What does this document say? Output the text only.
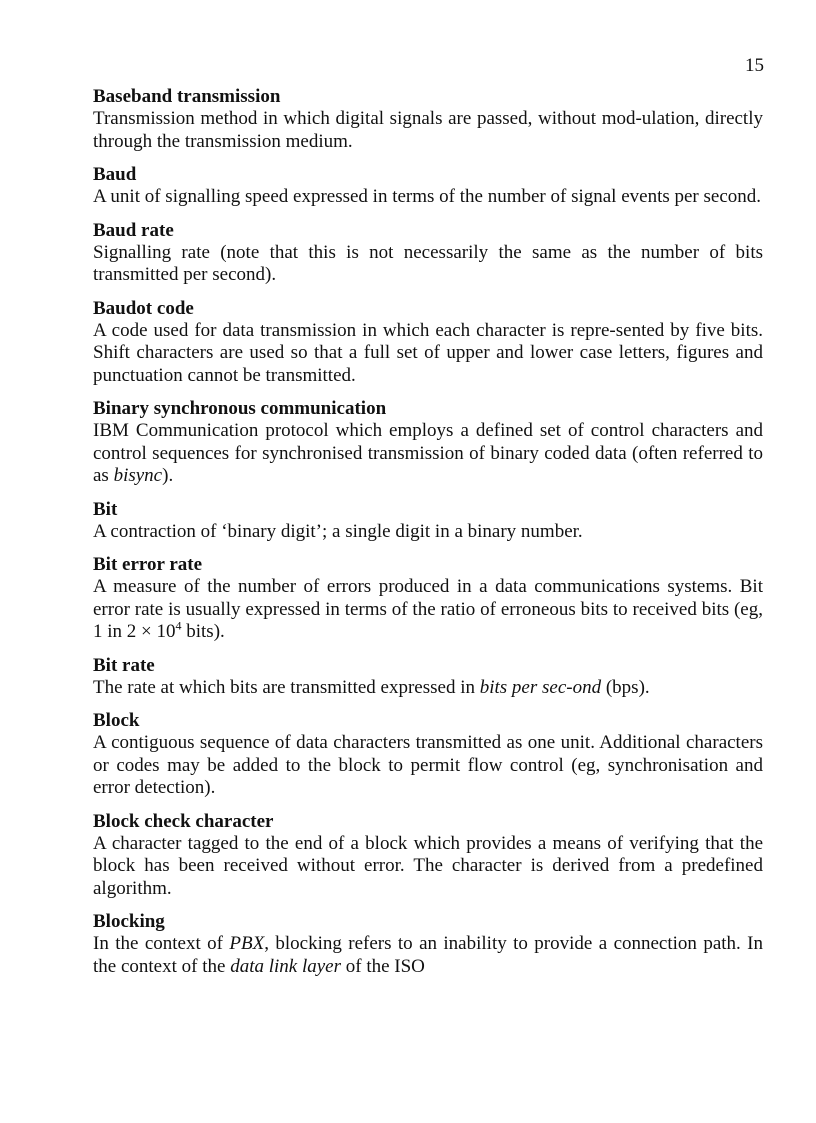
15
Baseband transmission
Transmission method in which digital signals are passed, without mod-ulation, directly through the transmission medium.
Baud
A unit of signalling speed expressed in terms of the number of signal events per second.
Baud rate
Signalling rate (note that this is not necessarily the same as the number of bits transmitted per second).
Baudot code
A code used for data transmission in which each character is repre-sented by five bits. Shift characters are used so that a full set of upper and lower case letters, figures and punctuation cannot be transmitted.
Binary synchronous communication
IBM Communication protocol which employs a defined set of control characters and control sequences for synchronised transmission of binary coded data (often referred to as bisync).
Bit
A contraction of ‘binary digit’; a single digit in a binary number.
Bit error rate
A measure of the number of errors produced in a data communications systems. Bit error rate is usually expressed in terms of the ratio of erroneous bits to received bits (eg, 1 in $2 \times 10^4$ bits).
Bit rate
The rate at which bits are transmitted expressed in bits per sec-ond (bps).
Block
A contiguous sequence of data characters transmitted as one unit. Additional characters or codes may be added to the block to permit flow control (eg, synchronisation and error detection).
Block check character
A character tagged to the end of a block which provides a means of verifying that the block has been received without error. The character is derived from a predefined algorithm.
Blocking
In the context of PBX, blocking refers to an inability to provide a connection path. In the context of the data link layer of the ISO
